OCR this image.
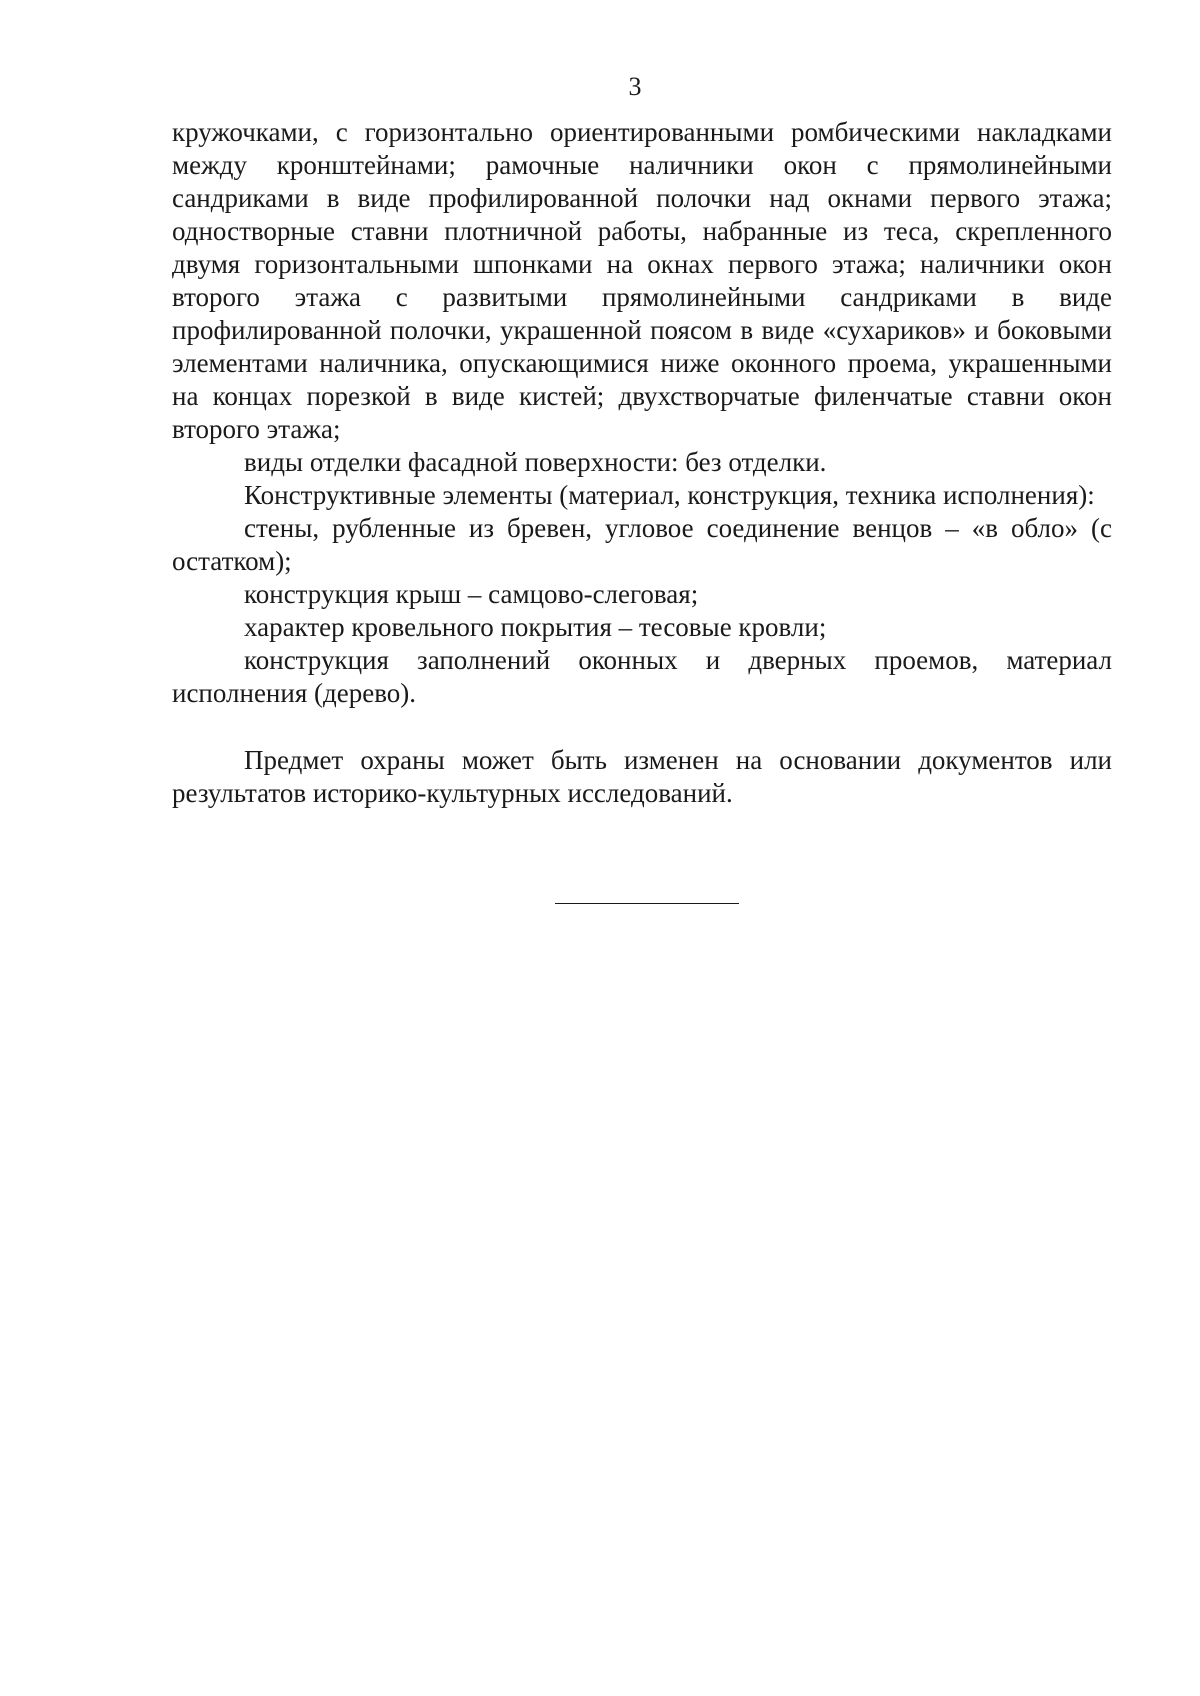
3

кружочками, с горизонтально ориентированными ромбическими накладками между кронштейнами; рамочные наличники окон с прямолинейными сандриками в виде профилированной полочки над окнами первого этажа; одностворные ставни плотничной работы, набранные из теса, скрепленного двумя горизонтальными шпонками на окнах первого этажа; наличники окон второго этажа с развитыми прямолинейными сандриками в виде профилированной полочки, украшенной поясом в виде «сухариков» и боковыми элементами наличника, опускающимися ниже оконного проема, украшенными на концах порезкой в виде кистей; двухстворчатые филенчатые ставни окон второго этажа;

виды отделки фасадной поверхности: без отделки.

Конструктивные элементы (материал, конструкция, техника исполнения):

стены, рубленные из бревен, угловое соединение венцов – «в обло» (с остатком);

конструкция крыш – самцово-слеговая;

характер кровельного покрытия – тесовые кровли;

конструкция заполнений оконных и дверных проемов, материал исполнения (дерево).

Предмет охраны может быть изменен на основании документов или результатов историко-культурных исследований.
